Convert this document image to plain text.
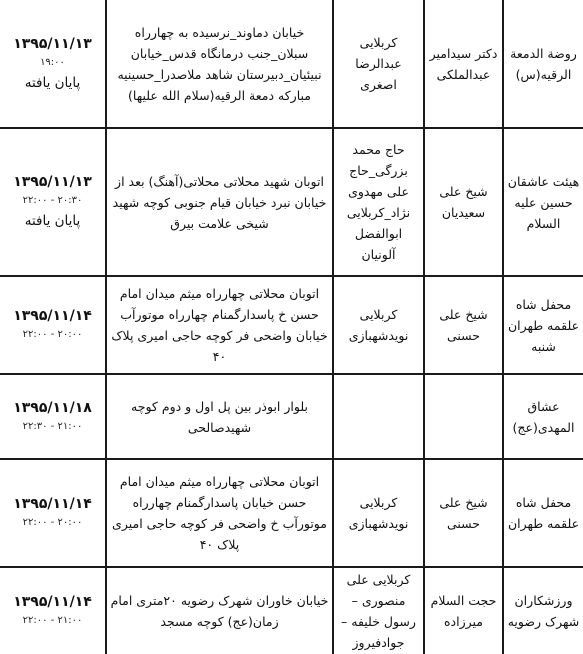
روضة الدمعة الرقیه(س)
دکتر سیدامیر عبدالملکی
کربلایی عبدالرضا اصغری
خیابان دماوند_نرسیده به چهارراه سبلان_جنب درمانگاه قدس_خیابان نبیئیان_دبیرستان شاهد ملاصدرا_حسینیه مبارکه دمعة الرقیه(سلام الله علیها)
۱۳۹۵/۱۱/۱۳
۱۹:۰۰
پایان یافته
هیئت عاشقان حسین علیه السلام
شیخ علی سعیدیان
حاج محمد بزرگی_حاج علی مهدوی نژاد_کربلایی ابوالفضل آلونیان
اتوبان شهید محلاتی محلاتی(آهنگ) بعد از خیابان نبرد خیابان قیام جنوبی کوچه شهید شیخی علامت بیرق
۱۳۹۵/۱۱/۱۳
۲۲:۰۰ - ۲۰:۳۰
پایان یافته
محفل شاه علقمه طهران شنبه
شیخ علی حسنی
کربلایی نویدشهبازی
اتوبان محلاتی چهارراه میثم میدان امام حسن خ پاسدارگمنام چهارراه موتورآب خیابان واضحی فر کوچه حاجی امیری پلاک ۴۰
۱۳۹۵/۱۱/۱۴
۲۲:۰۰ - ۲۰:۰۰
عشاق المهدی(عج)
بلوار ابوذر بین پل اول و دوم کوچه شهیدصالحی
۱۳۹۵/۱۱/۱۸
۲۲:۳۰ - ۲۱:۰۰
محفل شاه علقمه طهران
شیخ علی حسنی
کربلایی نویدشهبازی
اتوبان محلاتی چهارراه میثم میدان امام حسن خیابان پاسدارگمنام چهارراه موتورآب خ واضحی فر کوچه حاجی امیری پلاک ۴۰
۱۳۹۵/۱۱/۱۴
۲۲:۰۰ - ۲۰:۰۰
ورزشکاران شهرک رضویه
حجت السلام میرزاده
کربلایی علی منصوری – رسول خلیفه – جوادفیروز
خیابان خاوران شهرک رضویه ۲۰متری امام زمان(عج) کوچه مسجد
۱۳۹۵/۱۱/۱۴
۲۲:۰۰ - ۲۱:۰۰
